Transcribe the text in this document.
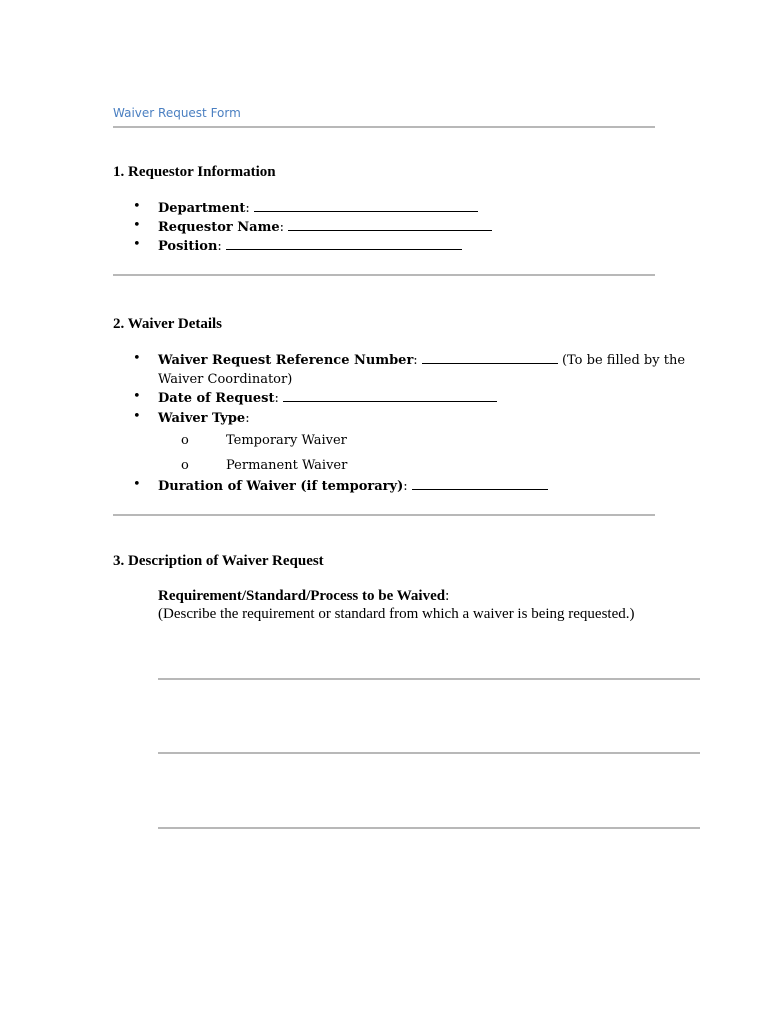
Waiver Request Form
1. Requestor Information
• Department:
• Requestor Name:
• Position:
2. Waiver Details
• Waiver Request Reference Number:	(To be filled by the
Waiver Coordinator)
• Date of Request:
• Waiver Type:
o	Temporary Waiver
o	Permanent Waiver
• Duration of Waiver (if temporary):
3. Description of Waiver Request
Requirement/Standard/Process to be Waived:
(Describe the requirement or standard from which a waiver is being requested.)
